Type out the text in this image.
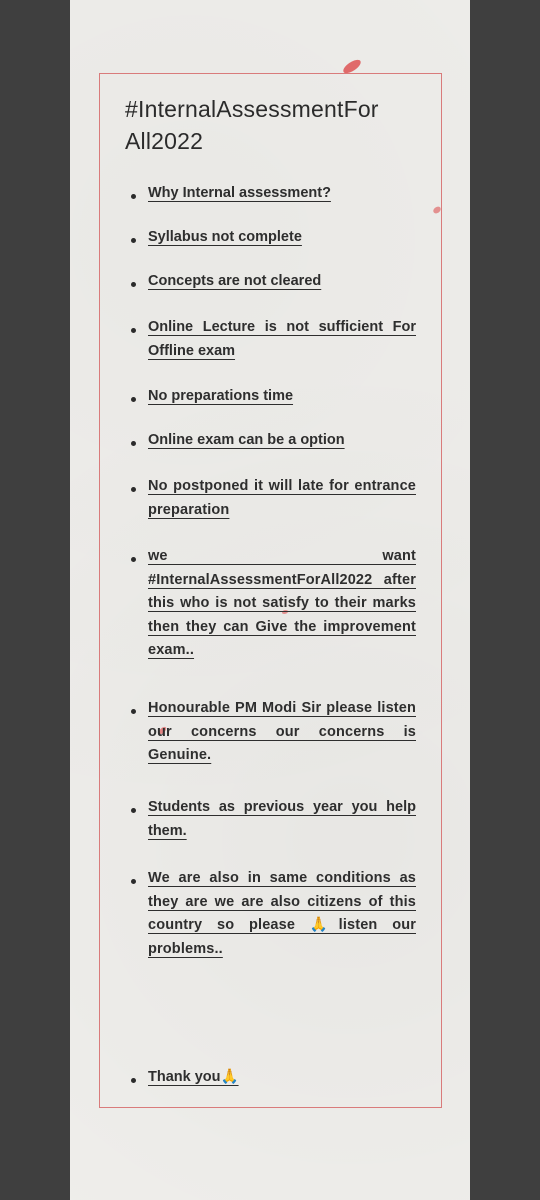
#InternalAssessmentFor All2022
Why Internal assessment?
Syllabus not complete
Concepts are not cleared
Online Lecture is not sufficient For Offline exam
No preparations time
Online exam can be a option
No postponed it will late for entrance preparation
we want #InternalAssessmentForAll2022 after this who is not satisfy to their marks then they can Give the improvement exam..
Honourable PM Modi Sir please listen our concerns our concerns is Genuine.
Students as previous year you help them.
We are also in same conditions as they are we are also citizens of this country so please 🙏listen our problems..
Thank you🙏
